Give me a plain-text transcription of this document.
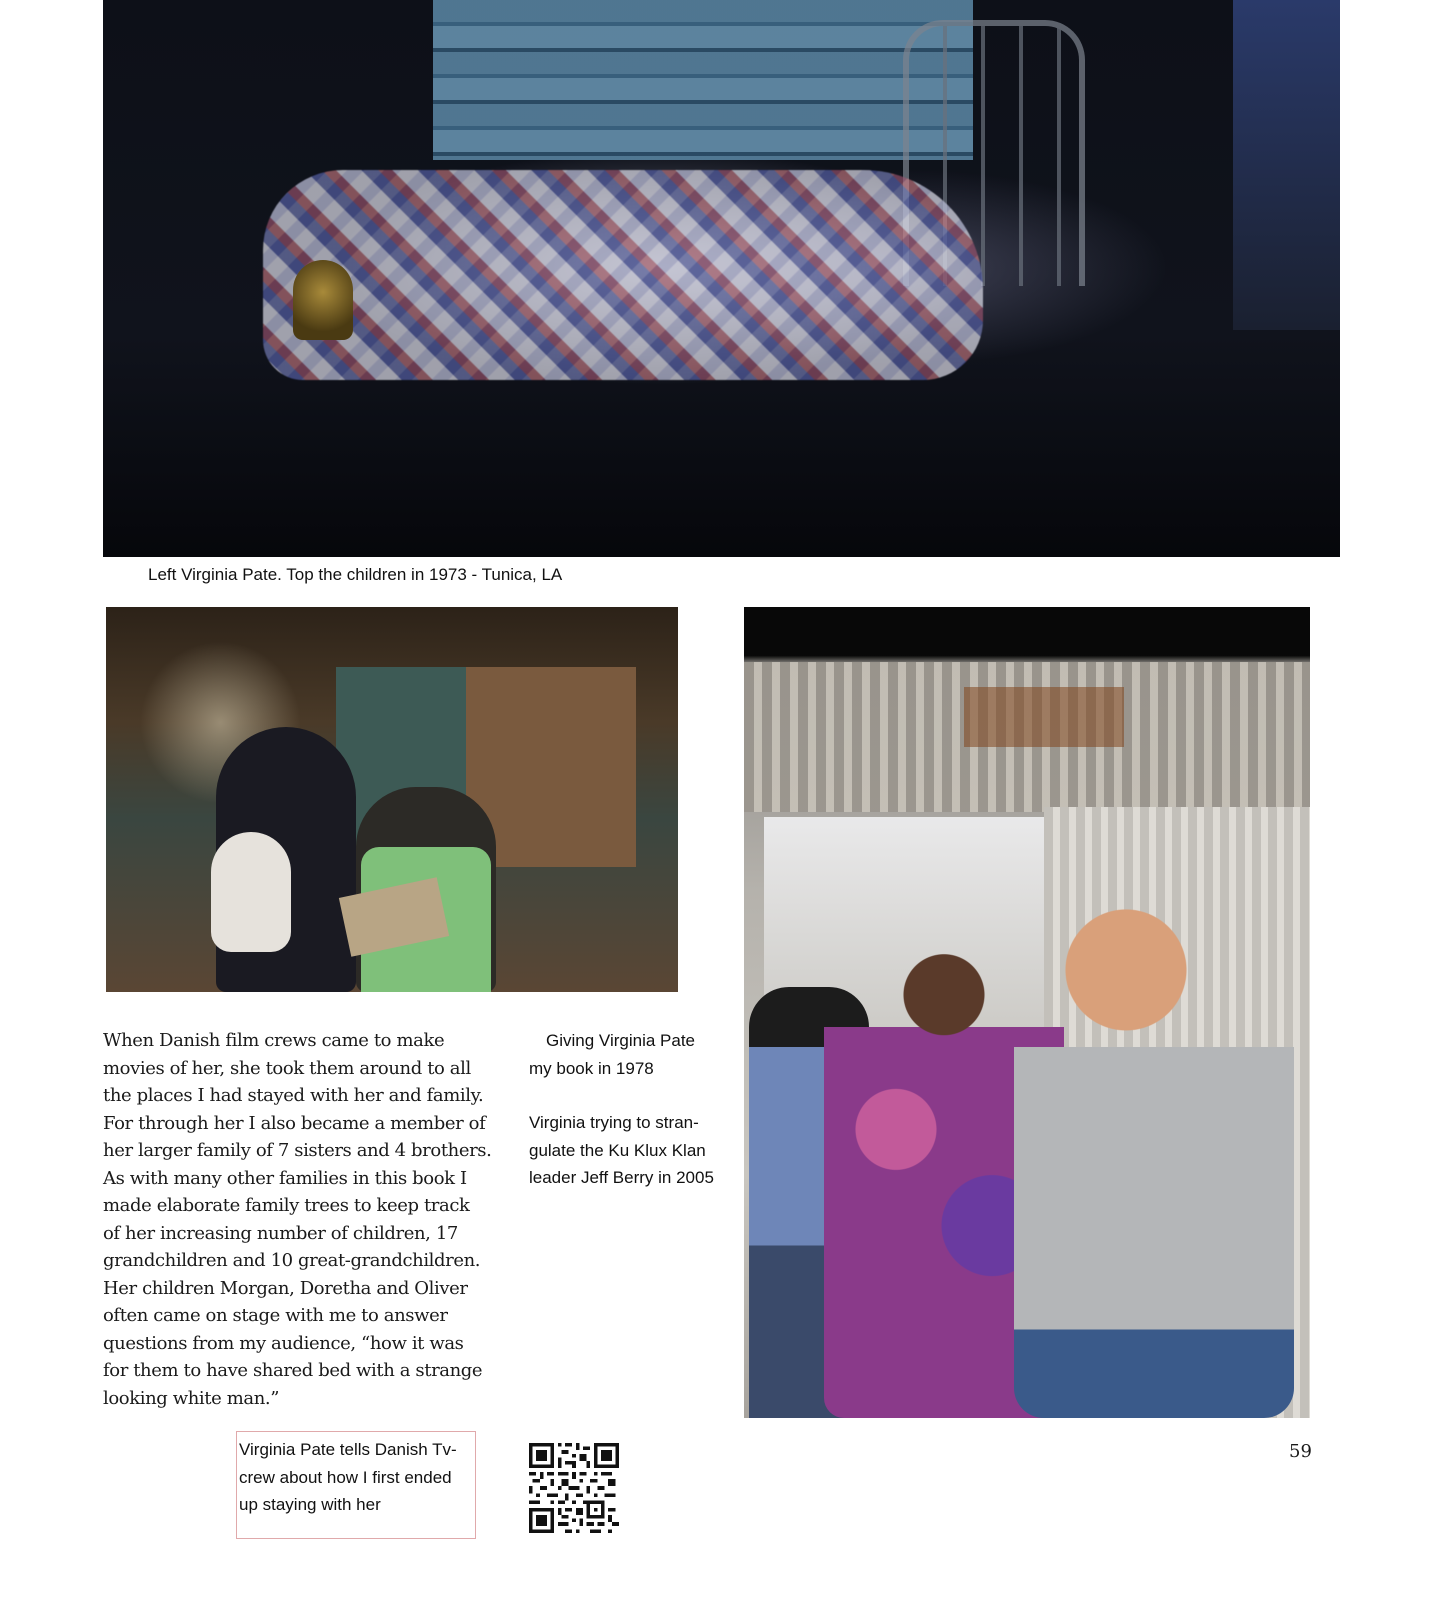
Left Virginia Pate. Top the children in 1973 - Tunica, LA
When Danish film crews came to make
movies of her, she took them around to all
the places I had stayed with her and family.
For through her I also became a member of
her larger family of 7 sisters and 4 brothers.
As with many other families in this book I
made elaborate family trees to keep track
of her increasing number of children, 17
grandchildren and 10 great-grandchildren.
Her children Morgan, Doretha and Oliver
often came on stage with me to answer
questions from my audience, “how it was
for them to have shared bed with a strange
looking white man.”
Giving Virginia Pate
my book in 1978
Virginia trying to stran-
gulate the Ku Klux Klan
leader Jeff Berry in 2005
Virginia Pate tells Danish Tv-
crew about how I first ended
up staying with her
59
